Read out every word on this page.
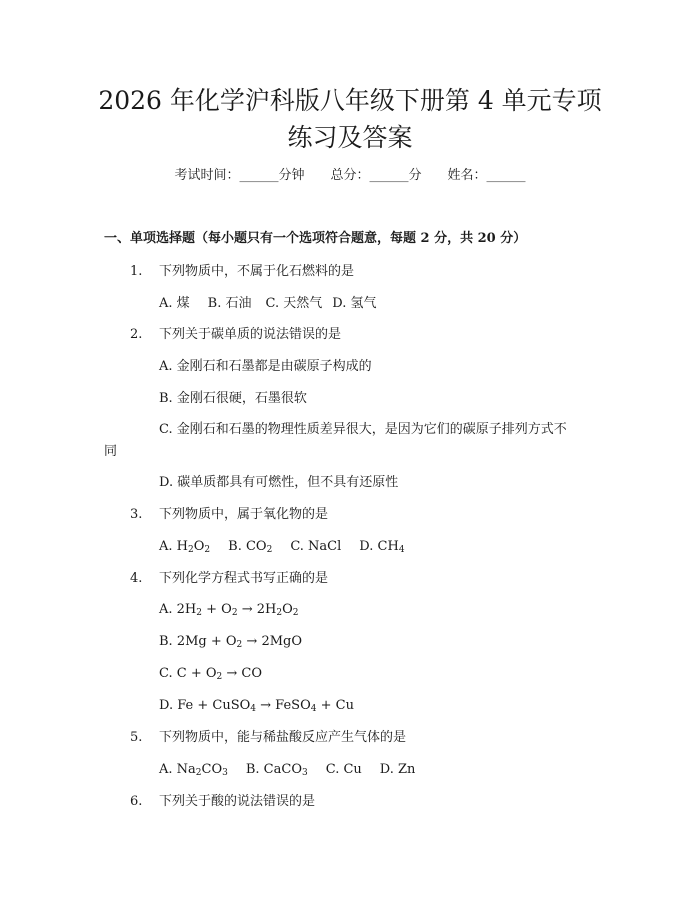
2026 年化学沪科版八年级下册第 4 单元专项
练习及答案
考试时间：______分钟 总分：______分 姓名：______
一、单项选择题（每小题只有一个选项符合题意，每题 2 分，共 20 分）
1. 下列物质中，不属于化石燃料的是
A. 煤 B. 石油 C. 天然气 D. 氢气
2. 下列关于碳单质的说法错误的是
A. 金刚石和石墨都是由碳原子构成的
B. 金刚石很硬，石墨很软
C. 金刚石和石墨的物理性质差异很大，是因为它们的碳原子排列方式不
同
D. 碳单质都具有可燃性，但不具有还原性
3. 下列物质中，属于氧化物的是
A. $H_2O_2$ B. $CO_2$ C. NaCl D. $CH_4$
4. 下列化学方程式书写正确的是
A. $2H_2 + O_2 \to 2H_2O_2$
B. $2Mg + O_2 \to 2MgO$
C. $C + O_2$ → CO
D. Fe + CuSO$_4$ → FeSO$_4$ + Cu
5. 下列物质中，能与稀盐酸反应产生气体的是
A. $Na_2CO_3$ B. CaCO$_3$ C. Cu D. Zn
6. 下列关于酸的说法错误的是
